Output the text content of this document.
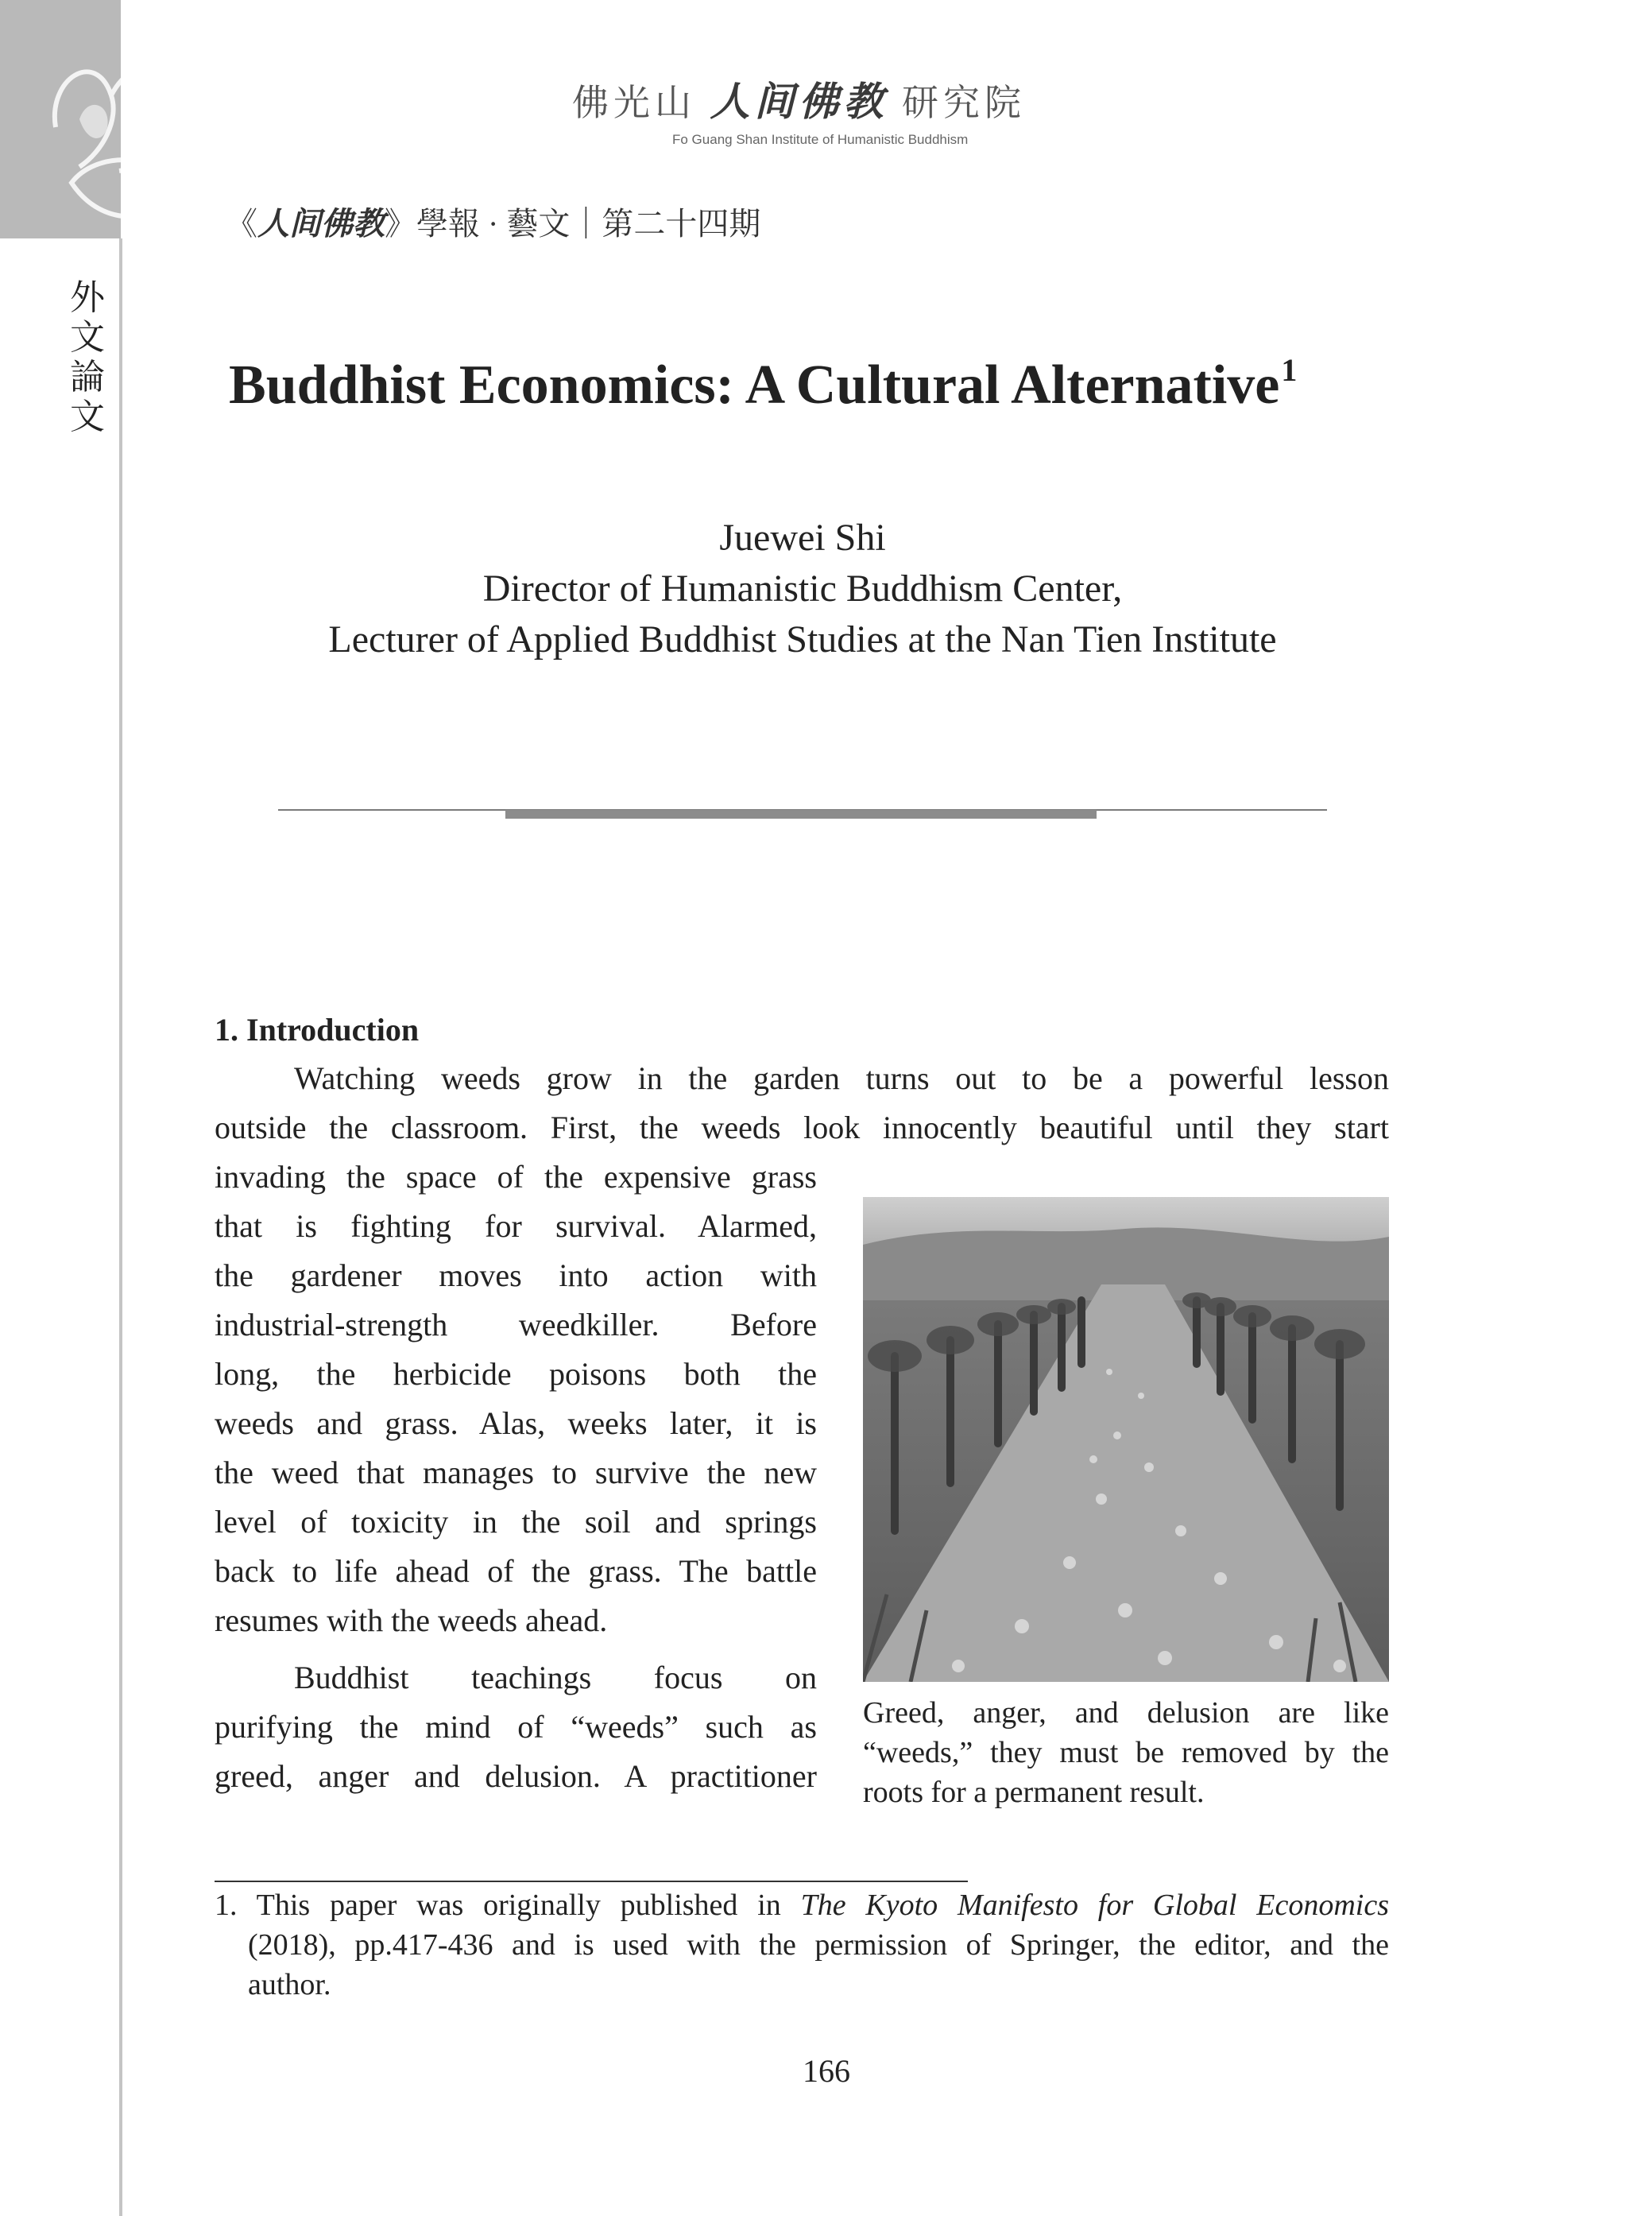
外
文
論
文
佛光山 人间佛教 研究院
Fo Guang Shan Institute of Humanistic Buddhism
《人间佛教》學報 · 藝文｜第二十四期
Buddhist Economics: A Cultural Alternative$^1$
Juewei Shi
Director of Humanistic Buddhism Center,
Lecturer of Applied Buddhist Studies at the Nan Tien Institute
1. Introduction
Watching weeds grow in the garden turns out to be a powerful lesson
outside the classroom. First, the weeds look innocently beautiful until they start
invading the space of the expensive grass
that is fighting for survival. Alarmed,
the gardener moves into action with
industrial-strength weedkiller. Before
long, the herbicide poisons both the
weeds and grass. Alas, weeks later, it is
the weed that manages to survive the new
level of toxicity in the soil and springs
back to life ahead of the grass. The battle
resumes with the weeds ahead.
Buddhist teachings focus on
purifying the mind of “weeds” such as
greed, anger and delusion. A practitioner
Greed, anger, and delusion are like
“weeds,” they must be removed by the
roots for a permanent result.
1. This paper was originally published in The Kyoto Manifesto for Global Economics
(2018), pp.417-436 and is used with the permission of Springer, the editor, and the
author.
166
